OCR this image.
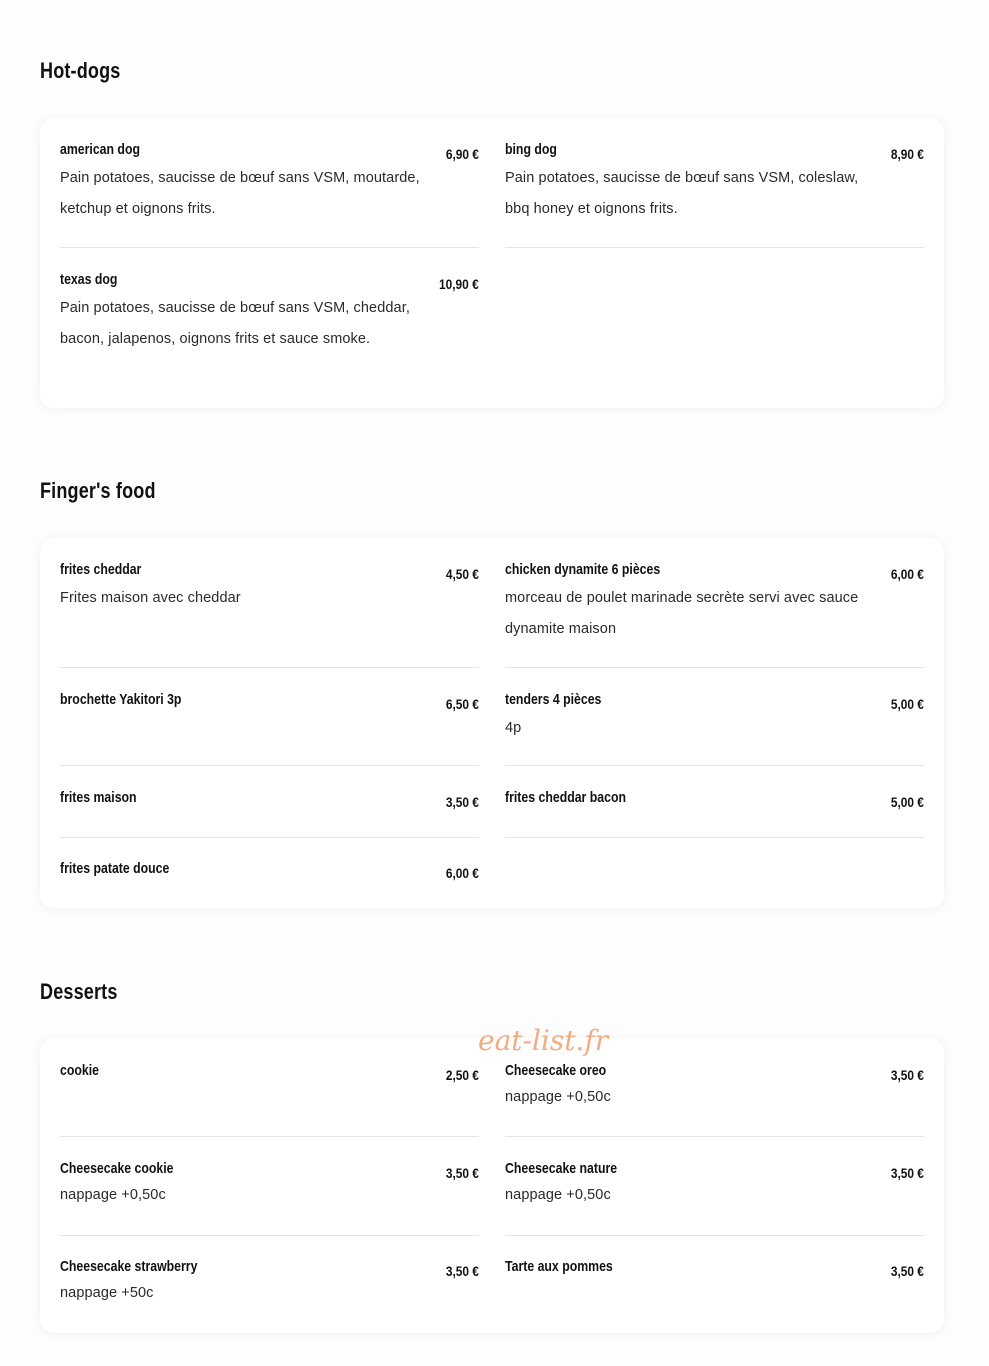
Hot-dogs
american dog	6,90 €
Pain potatoes, saucisse de bœuf sans VSM, moutarde, ketchup et oignons frits.
bing dog	8,90 €
Pain potatoes, saucisse de bœuf sans VSM, coleslaw, bbq honey et oignons frits.
texas dog	10,90 €
Pain potatoes, saucisse de bœuf sans VSM, cheddar, bacon, jalapenos, oignons frits et sauce smoke.
Finger's food
frites cheddar	4,50 €
Frites maison avec cheddar
chicken dynamite 6 pièces	6,00 €
morceau de poulet marinade secrète servi avec sauce dynamite maison
brochette Yakitori 3p	6,50 € tenders 4 pièces	5,00 €
4p
frites maison	3,50 € frites cheddar bacon	5,00 €
frites patate douce	6,00 €
Desserts
cookie	2,50 € Cheesecake oreo	3,50 €
nappage +0,50c
Cheesecake cookie	3,50 €
nappage +0,50c
Cheesecake nature	3,50 €
nappage +0,50c
Cheesecake strawberry	3,50 €
nappage +50c
Tarte aux pommes	3,50 €
eat-list.fr
